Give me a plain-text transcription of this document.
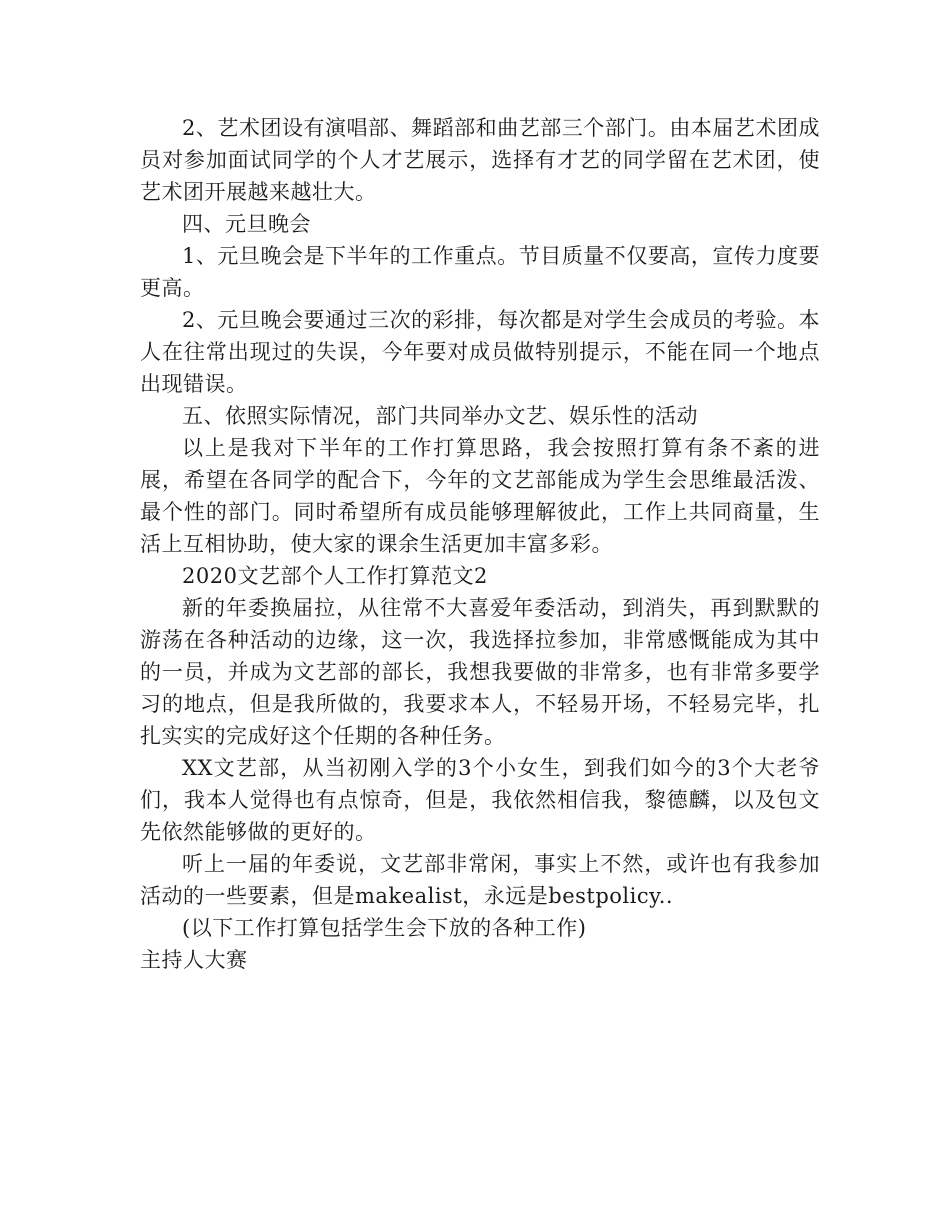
2、艺术团设有演唱部、舞蹈部和曲艺部三个部门。由本届艺术团成员对参加面试同学的个人才艺展示，选择有才艺的同学留在艺术团，使艺术团开展越来越壮大。

四、元旦晚会

1、元旦晚会是下半年的工作重点。节目质量不仅要高，宣传力度要更高。

2、元旦晚会要通过三次的彩排，每次都是对学生会成员的考验。本人在往常出现过的失误，今年要对成员做特别提示，不能在同一个地点出现错误。

五、依照实际情况，部门共同举办文艺、娱乐性的活动

以上是我对下半年的工作打算思路，我会按照打算有条不紊的进展，希望在各同学的配合下，今年的文艺部能成为学生会思维最活泼、最个性的部门。同时希望所有成员能够理解彼此，工作上共同商量，生活上互相协助，使大家的课余生活更加丰富多彩。

2020文艺部个人工作打算范文2

新的年委换届拉，从往常不大喜爱年委活动，到消失，再到默默的游荡在各种活动的边缘，这一次，我选择拉参加，非常感慨能成为其中的一员，并成为文艺部的部长，我想我要做的非常多，也有非常多要学习的地点，但是我所做的，我要求本人，不轻易开场，不轻易完毕，扎扎实实的完成好这个任期的各种任务。

XX文艺部，从当初刚入学的3个小女生，到我们如今的3个大老爷们，我本人觉得也有点惊奇，但是，我依然相信我，黎德麟，以及包文先依然能够做的更好的。

听上一届的年委说，文艺部非常闲，事实上不然，或许也有我参加活动的一些要素，但是makealist，永远是bestpolicy..

(以下工作打算包括学生会下放的各种工作)

主持人大赛
